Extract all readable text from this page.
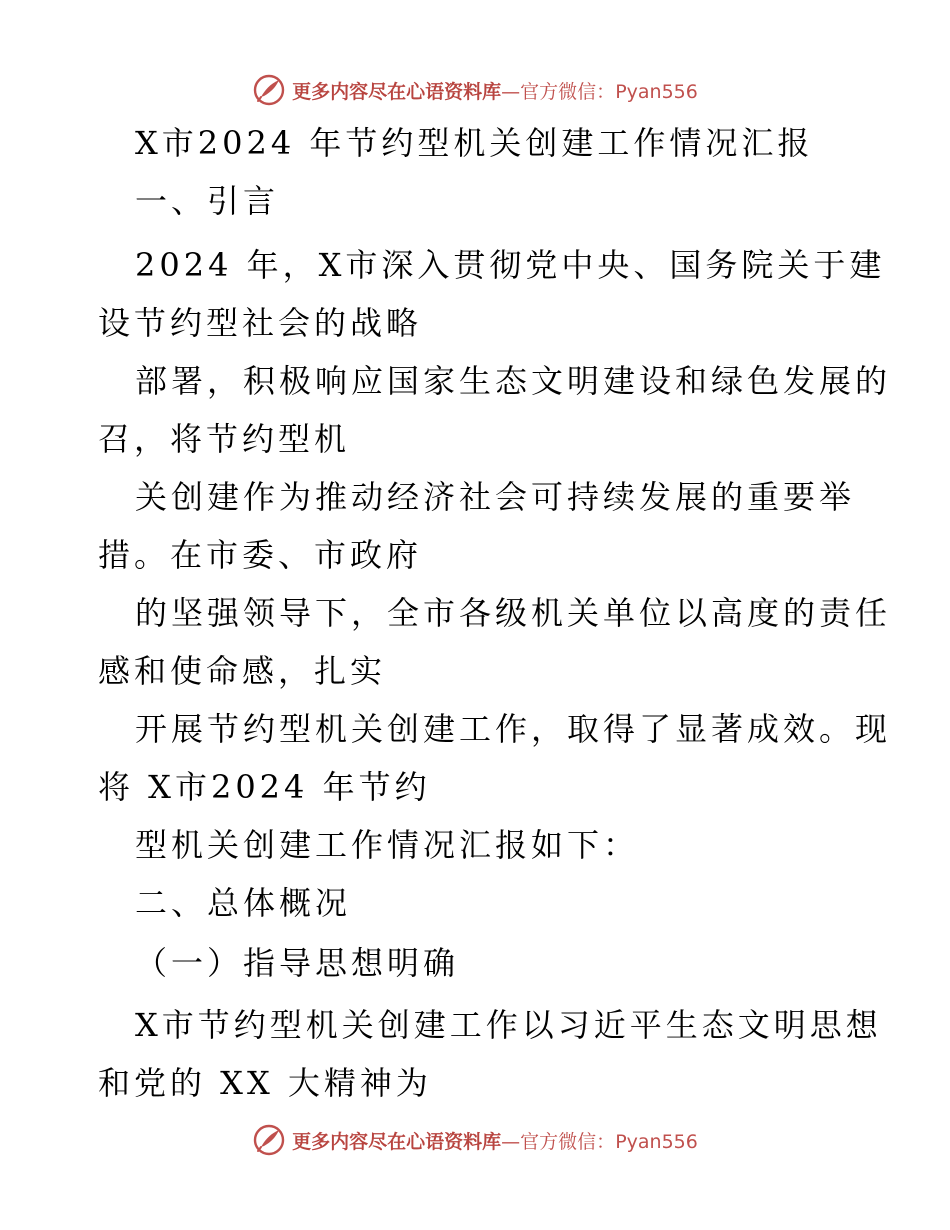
更多内容尽在心语资料库—官方微信：Pyan556
X市2024 年节约型机关创建工作情况汇报
一、引言
2024 年，X市深入贯彻党中央、国务院关于建
设节约型社会的战略
部署，积极响应国家生态文明建设和绿色发展的
召，将节约型机
关创建作为推动经济社会可持续发展的重要举
措。在市委、市政府
的坚强领导下，全市各级机关单位以高度的责任
感和使命感，扎实
开展节约型机关创建工作，取得了显著成效。现
将 X市2024 年节约
型机关创建工作情况汇报如下：
二、总体概况
（一）指导思想明确
X市节约型机关创建工作以习近平生态文明思想
和党的 XX 大精神为
更多内容尽在心语资料库—官方微信：Pyan556
